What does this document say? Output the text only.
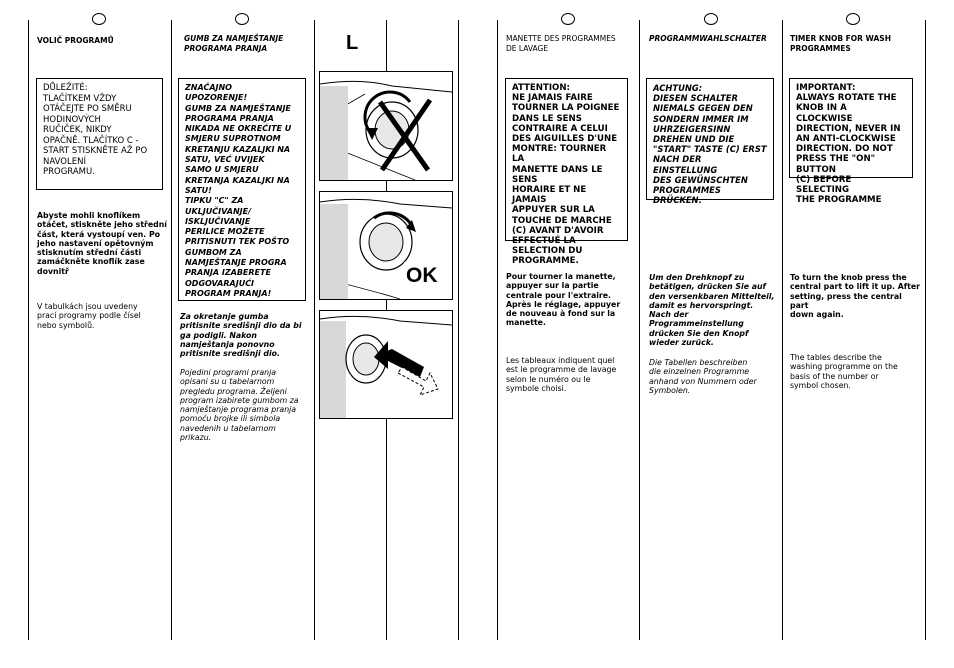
VOLIČ PROGRAMŮ
DŮLEŽITÉ:
TLAČÍTKEM VŽDY
OTÁČEJTE PO SMĚRU
HODINOVÝCH
RUČIČEK, NIKDY
OPAČNĚ. TLAČÍTKO C -
START STISKNĚTE AŽ PO
NAVOLENÍ
PROGRAMU.
Abyste mohli knoflíkem
otáčet, stiskněte jeho střední
část, která vystoupí ven. Po
jeho nastavení opětovným
stisknutím střední části
zamáčkněte knoflík zase
dovnitř
V tabulkách jsou uvedeny
prací programy podle čísel
nebo symbolů.
GUMB ZA NAMJEŠTANJE
PROGRAMA PRANJA
ZNAČAJNO
UPOZORENJE!
GUMB ZA NAMJEŠTANJE
PROGRAMA PRANJA
NIKADA NE OKREĆITE U
SMJERU SUPROTNOM
KRETANJU KAZALJKI NA
SATU, VEĆ UVIJEK
SAMO U SMJERU
KRETANJA KAZALJKI NA
SATU!
TIPKU "C" ZA
UKLJUČIVANJE/
ISKLJUČIVANJE
PERILICE MOŽETE
PRITISNUTI TEK POŠTO
GUMBOM ZA
NAMJEŠTANJE PROGRA
PRANJA IZABERETE
ODGOVARAJUĆI
PROGRAM PRANJA!
Za okretanje gumba
pritisnite središnji dio da bi
ga podigli. Nakon
namještanja ponovno
pritisnite središnji dio.
Pojedini programi pranja
opisani su u tabelarnom
pregledu programa. Željeni
program izabirete gumbom za
namještanje programa pranja
pomoću brojke ili simbola
navedenih u tabelarnom
prikazu.
L
OK
MANETTE DES PROGRAMMES
DE LAVAGE
ATTENTION:
NE JAMAIS FAIRE
TOURNER LA POIGNEE
DANS LE SENS
CONTRAIRE A CELUI
DES AIGUILLES D'UNE
MONTRE: TOURNER LA
MANETTE DANS LE SENS
HORAIRE ET NE JAMAIS
APPUYER SUR LA
TOUCHE DE MARCHE
(C) AVANT D'AVOIR
EFFECTUÉ LA
SELECTION DU
PROGRAMME.
Pour tourner la manette,
appuyer sur la partie
centrale pour l'extraire.
Après le réglage, appuyer
de nouveau à fond sur la
manette.
Les tableaux indiquent quel
est le programme de lavage
selon le numéro ou le
symbole choisi.
PROGRAMMWAHLSCHALTER
ACHTUNG:
DIESEN SCHALTER
NIEMALS GEGEN DEN
SONDERN IMMER IM
UHRZEIGERSINN
DREHEN UND DIE
"START" TASTE (C) ERST
NACH DER EINSTELLUNG
DES GEWÜNSCHTEN
PROGRAMMES
DRÜCKEN.
Um den Drehknopf zu
betätigen, drücken Sie auf
den versenkbaren Mittelteil,
damit es hervorspringt.
Nach der
Programmeinstellung
drücken Sie den Knopf
wieder zurück.
Die Tabellen beschreiben
die einzelnen Programme
anhand von Nummern oder
Symbolen.
TIMER KNOB FOR WASH
PROGRAMMES
IMPORTANT:
ALWAYS ROTATE THE
KNOB IN A CLOCKWISE
DIRECTION, NEVER IN
AN ANTI-CLOCKWISE
DIRECTION. DO NOT
PRESS THE "ON" BUTTON
(C) BEFORE SELECTING
THE PROGRAMME
To turn the knob press the
central part to lift it up. After
setting, press the central part
down again.
The tables describe the
washing programme on the
basis of the number or
symbol chosen.
